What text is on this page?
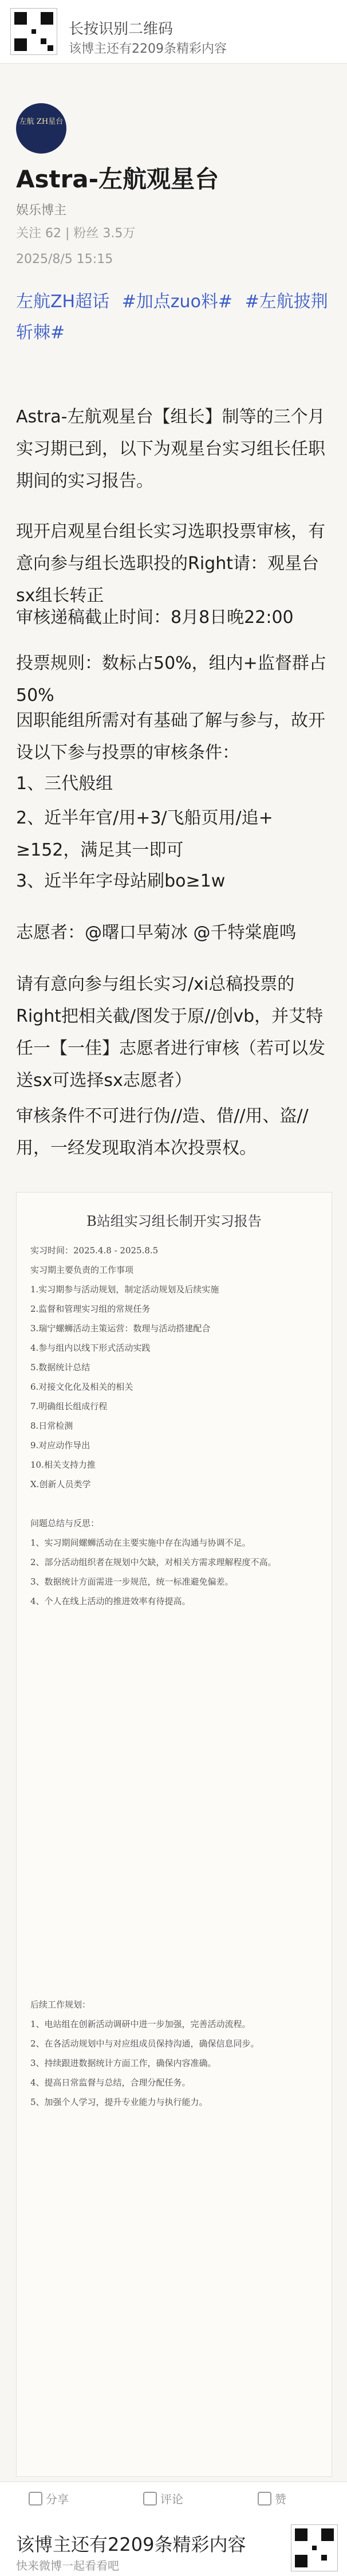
长按识别二维码
该博主还有2209条精彩内容
左航 ZH星台
Astra-左航观星台
娱乐博主
关注 62 | 粉丝 3.5万
2025/8/5 15:15
左航ZH超话 #加点zuo料# #左航披荆斩棘#
Astra-左航观星台【组长】制等的三个月实习期已到，以下为观星台实习组长任职期间的实习报告。
现开启观星台组长实习选职投票审核，有意向参与组长选职投的Right请：观星台sx组长转正
审核递稿截止时间：8月8日晚22:00
投票规则：数标占50%，组内+监督群占50%
因职能组所需对有基础了解与参与，故开设以下参与投票的审核条件：
1、三代般组
2、近半年官/用+3/飞船页用/追+ ≥152，满足其一即可
3、近半年字母站刷bo≥1w
志愿者：@曙口早菊冰 @千特棠鹿鸣
请有意向参与组长实习/xi总稿投票的Right把相关截/图发于原//创vb，并艾特任一【一佳】志愿者进行审核（若可以发送sx可选择sx志愿者）
审核条件不可进行伪//造、借//用、盗//用，一经发现取消本次投票权。
B站组实习组长制开实习报告
实习时间：2025.4.8 - 2025.8.5
实习期主要负责的工作事项
1.实习期参与活动规划，制定活动规划及后续实施
2.监督和管理实习组的常规任务
3.瑞宁螺蛳活动主策运营：数理与活动搭建配合
4.参与组内以线下形式活动实践
5.数据统计总结
6.对接文化化及相关的相关
7.明确组长组成行程
8.日常检测
9.对应动作导出
10.相关支持力推
X.创新人员类学
问题总结与反思：
1、实习期间螺蛳活动在主要实施中存在沟通与协调不足。
2、部分活动组织者在规划中欠缺，对相关方需求理解程度不高。
3、数据统计方面需进一步规范，统一标准避免偏差。
4、个人在线上活动的推进效率有待提高。
后续工作规划：
1、电站组在创新活动调研中进一步加强，完善活动流程。
2、在各活动规划中与对应组成员保持沟通，确保信息同步。
3、持续跟进数据统计方面工作，确保内容准确。
4、提高日常监督与总结，合理分配任务。
5、加强个人学习，提升专业能力与执行能力。
分享	评论	赞
该博主还有2209条精彩内容
快来微博一起看看吧
